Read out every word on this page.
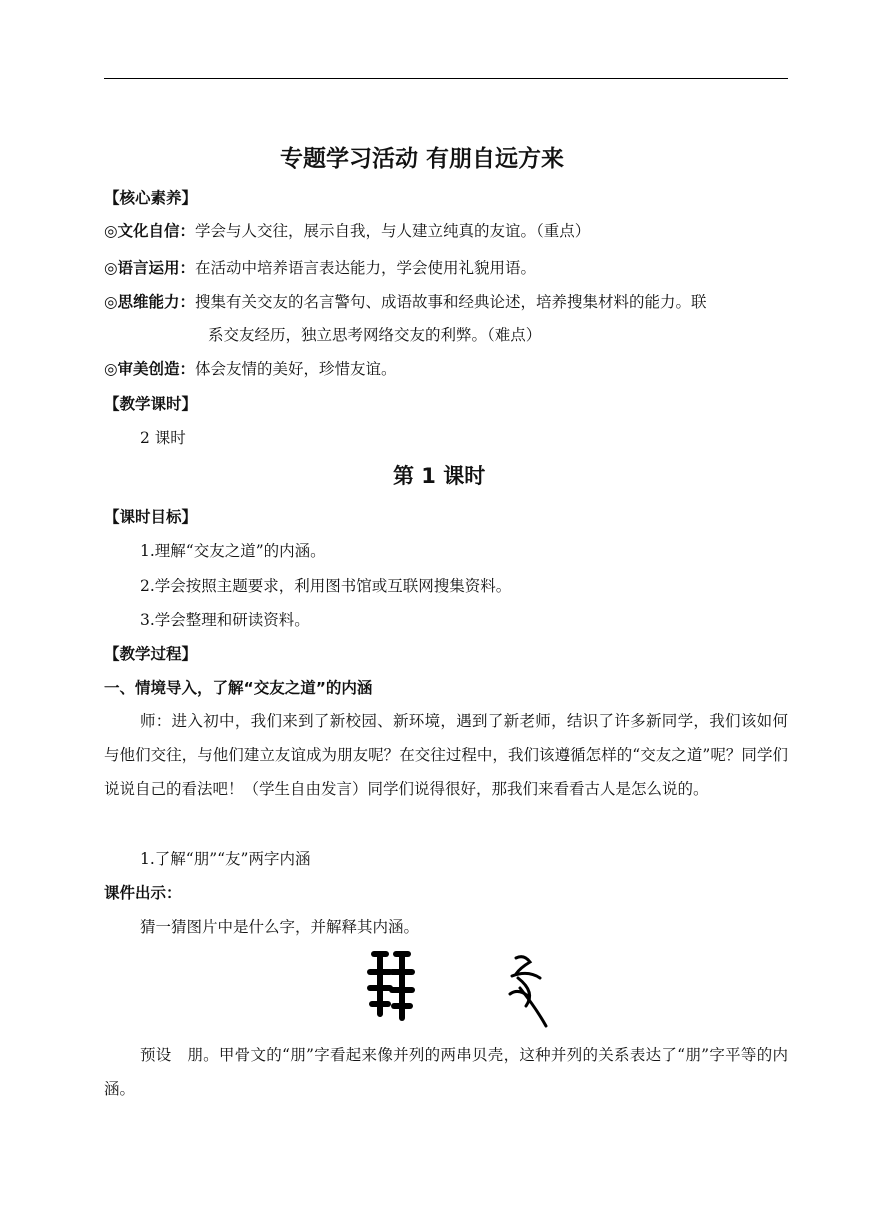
专题学习活动 有朋自远方来
【核心素养】
◎文化自信： 学会与人交往，展示自我，与人建立纯真的友谊。（重点）
◎语言运用： 在活动中培养语言表达能力，学会使用礼貌用语。
◎思维能力： 搜集有关交友的名言警句、成语故事和经典论述，培养搜集材料的能力。联
系交友经历，独立思考网络交友的利弊。（难点）
◎审美创造： 体会友情的美好，珍惜友谊。
【教学课时】
2 课时
第 1 课时
【课时目标】
1.理解“交友之道”的内涵。
2.学会按照主题要求，利用图书馆或互联网搜集资料。
3.学会整理和研读资料。
【教学过程】
一、情境导入，了解“交友之道”的内涵
师：进入初中，我们来到了新校园、新环境，遇到了新老师，结识了许多新同学，我们该如何与他们交往，与他们建立友谊成为朋友呢？在交往过程中，我们该遵循怎样的“交友之道”呢？同学们说说自己的看法吧！（学生自由发言）同学们说得很好，那我们来看看古人是怎么说的。
1.了解“朋”“友”两字内涵
课件出示：
猜一猜图片中是什么字，并解释其内涵。
预设　朋。甲骨文的“朋”字看起来像并列的两串贝壳，这种并列的关系表达了“朋”字平等的内涵。
